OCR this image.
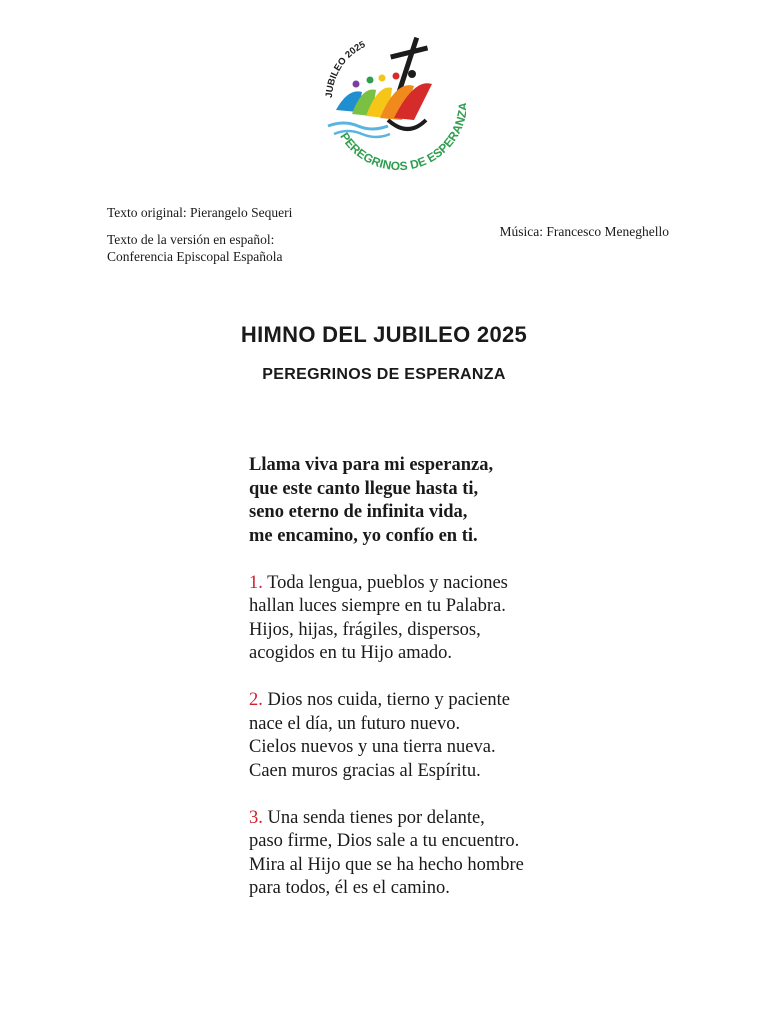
JUBILEO 2025
PEREGRINOS DE ESPERA
Texto original: Pierangelo Sequeri
Texto de la versión en español:
Conferencia Episcopal Española
Música: Francesco Meneghello
HIMNO DEL JUBILEO 2025
PEREGRINOS DE ESPERANZA
Llama viva para mi esperanza,
que este canto llegue hasta ti,
seno eterno de infinita vida,
me encamino, yo confío en ti.
1. Toda lengua, pueblos y naciones
hallan luces siempre en tu Palabra.
Hijos, hijas, frágiles, dispersos,
acogidos en tu Hijo amado.
2. Dios nos cuida, tierno y paciente
nace el día, un futuro nuevo.
Cielos nuevos y una tierra nueva.
Caen muros gracias al Espíritu.
3. Una senda tienes por delante,
paso firme, Dios sale a tu encuentro.
Mira al Hijo que se ha hecho hombre
para todos, él es el camino.
